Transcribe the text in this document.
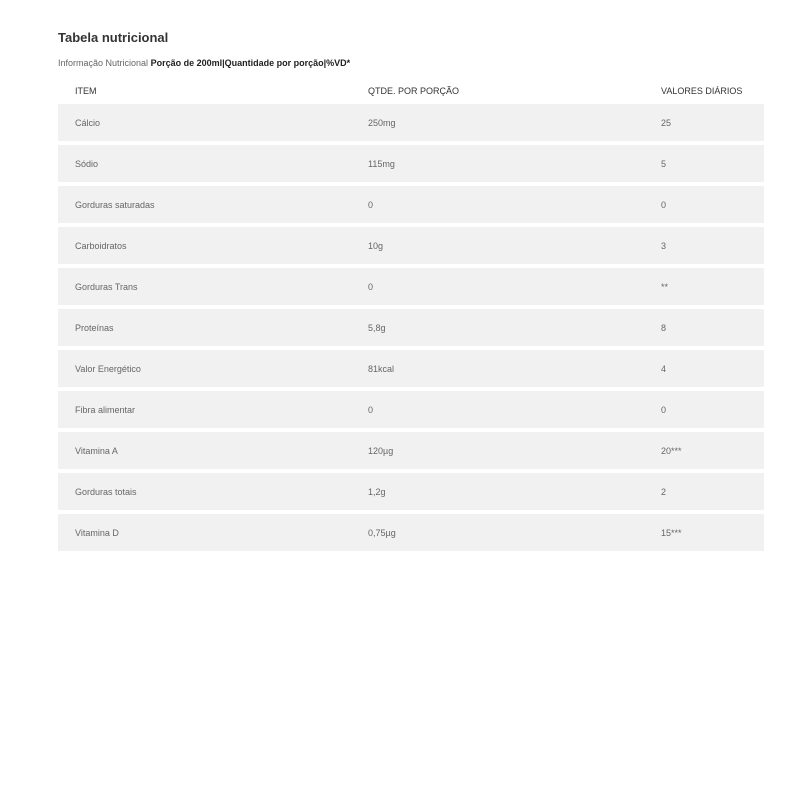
Tabela nutricional
Informação Nutricional Porção de 200ml|Quantidade por porção|%VD*
ITEM	QTDE. POR PORÇÃO	VALORES DIÁRIOS
Cálcio	250mg	25
Sódio	115mg	5
Gorduras saturadas	0	0
Carboidratos	10g	3
Gorduras Trans	0	**
Proteínas	5,8g	8
Valor Energético	81kcal	4
Fibra alimentar	0	0
Vitamina A	120µg	20***
Gorduras totais	1,2g	2
Vitamina D	0,75µg	15***
